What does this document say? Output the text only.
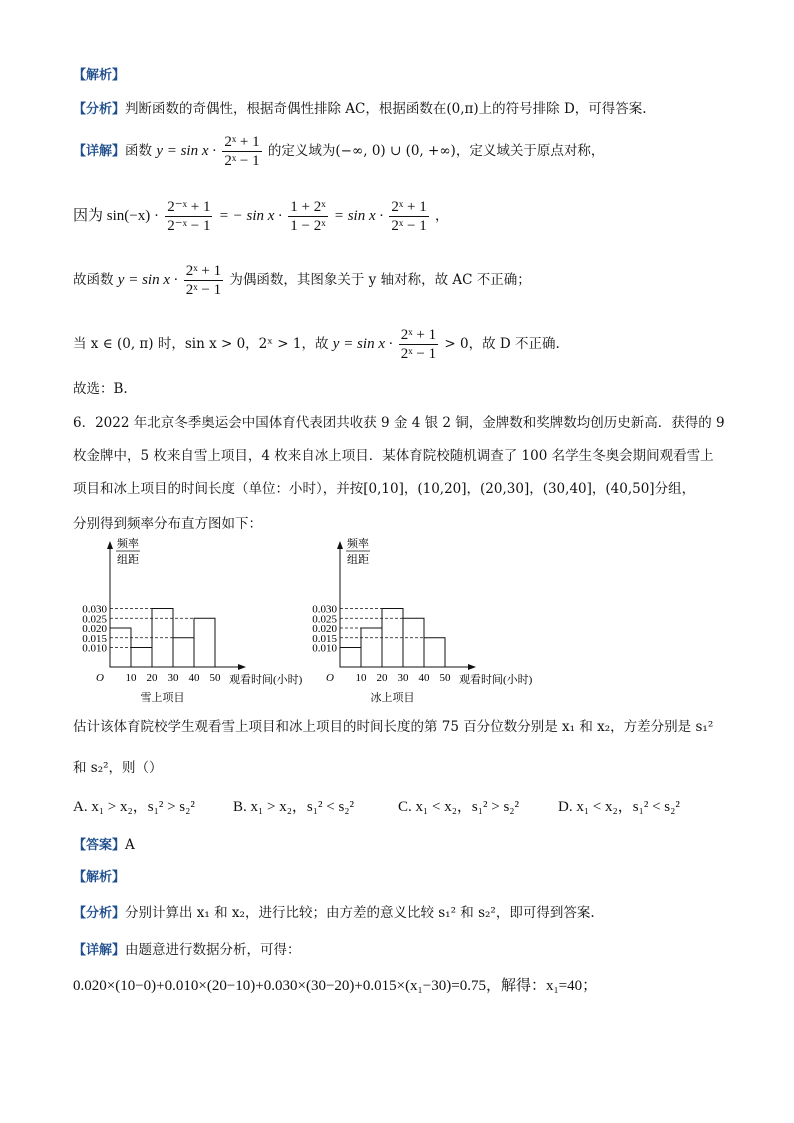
【解析】
【分析】判断函数的奇偶性，根据奇偶性排除 AC，根据函数在(0,π)上的符号排除 D，可得答案.
【详解】函数 $y = \sin x \cdot \frac{\text{2ˣ + 1}}{\text{2ˣ − 1}}$ 的定义域为(−∞, 0) ∪ (0, +∞)，定义域关于原点对称，
因为 $\sin(-x) \cdot \frac{\text{2⁻ˣ + 1}}{\text{2⁻ˣ − 1}}$ = − $\sin x \cdot \frac{\text{1 + 2ˣ}}{\text{1 − 2ˣ}} = \sin x \cdot \frac{\text{2ˣ + 1}}{\text{2ˣ − 1}}$ ，
故函数 $y = \sin x \cdot \frac{\text{2ˣ + 1}}{\text{2ˣ − 1}}$ 为偶函数，其图象关于 y 轴对称，故 AC 不正确；
当 x ∈ (0, π) 时，sin x > 0，2ˣ > 1，故 $y = \sin x \cdot \frac{\text{2ˣ + 1}}{\text{2ˣ − 1}} > 0$，故 D 不正确.
故选：B.
6．2022 年北京冬季奥运会中国体育代表团共收获 9 金 4 银 2 铜，金牌数和奖牌数均创历史新高．获得的 9
枚金牌中，5 枚来自雪上项目，4 枚来自冰上项目．某体育院校随机调查了 100 名学生冬奥会期间观看雪上
项目和冰上项目的时间长度（单位：小时），并按[0,10]，(10,20]，(20,30]，(30,40]，(40,50]分组，
分别得到频率分布直方图如下：
频率
组距
O
0.010
0.015
0.020
0.025
0.030
10 20 30 40 50 观看时间(小时)
雪上项目
频率
组距
O
0.010
0.015
0.020
0.025
0.030
10 20 30 40 50 观看时间(小时)
冰上项目
估计该体育院校学生观看雪上项目和冰上项目的时间长度的第 75 百分位数分别是 x₁ 和 x₂，方差分别是 s₁²
和 s₂²，则（）
A. x₁ > x₂，s₁² > s₂²	B. x₁ > x₂，s₁² < s₂²	C. x₁ < x₂，s₁² > s₂²	D. x₁ < x₂，s₁² < s₂²
【答案】A
【解析】
【分析】分别计算出 x₁ 和 x₂，进行比较；由方差的意义比较 s₁² 和 s₂²，即可得到答案.
【详解】由题意进行数据分析，可得：
0.020×(10−0)+0.010×(20−10)+0.030×(30−20)+0.015×(x₁−30)=0.75，解得：x₁=40；
